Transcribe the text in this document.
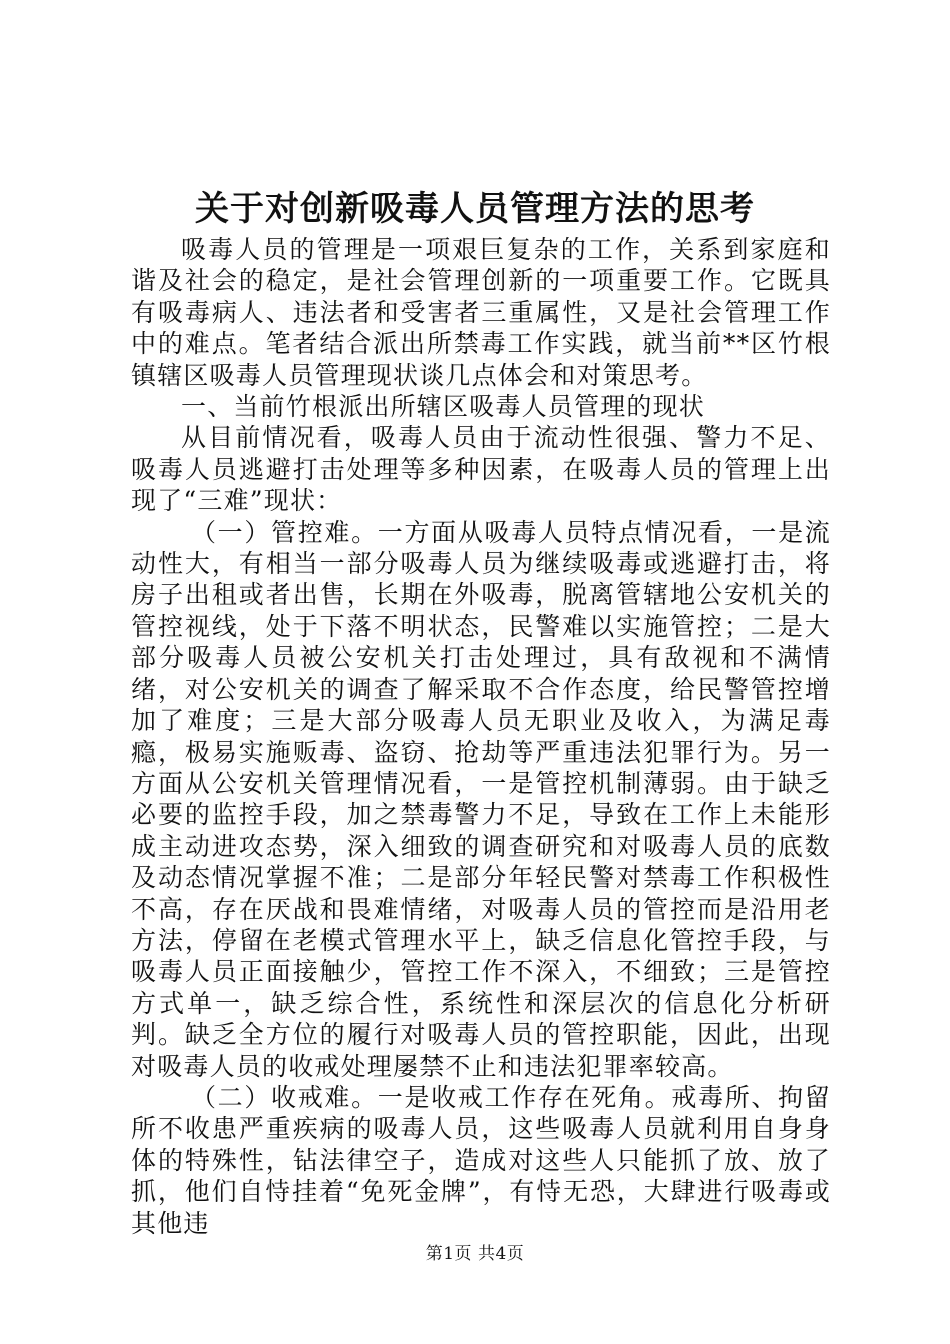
关于对创新吸毒人员管理方法的思考

吸毒人员的管理是一项艰巨复杂的工作，关系到家庭和谐及社会的稳定，是社会管理创新的一项重要工作。它既具有吸毒病人、违法者和受害者三重属性，又是社会管理工作中的难点。笔者结合派出所禁毒工作实践，就当前**区竹根镇辖区吸毒人员管理现状谈几点体会和对策思考。

一、当前竹根派出所辖区吸毒人员管理的现状

从目前情况看，吸毒人员由于流动性很强、警力不足、吸毒人员逃避打击处理等多种因素，在吸毒人员的管理上出现了“三难”现状：

（一）管控难。一方面从吸毒人员特点情况看，一是流动性大，有相当一部分吸毒人员为继续吸毒或逃避打击，将房子出租或者出售，长期在外吸毒，脱离管辖地公安机关的管控视线，处于下落不明状态，民警难以实施管控；二是大部分吸毒人员被公安机关打击处理过，具有敌视和不满情绪，对公安机关的调查了解采取不合作态度，给民警管控增加了难度；三是大部分吸毒人员无职业及收入，为满足毒瘾，极易实施贩毒、盗窃、抢劫等严重违法犯罪行为。另一方面从公安机关管理情况看，一是管控机制薄弱。由于缺乏必要的监控手段，加之禁毒警力不足，导致在工作上未能形成主动进攻态势，深入细致的调查研究和对吸毒人员的底数及动态情况掌握不准；二是部分年轻民警对禁毒工作积极性不高，存在厌战和畏难情绪，对吸毒人员的管控而是沿用老方法，停留在老模式管理水平上，缺乏信息化管控手段，与吸毒人员正面接触少，管控工作不深入，不细致；三是管控方式单一，缺乏综合性，系统性和深层次的信息化分析研判。缺乏全方位的履行对吸毒人员的管控职能，因此，出现对吸毒人员的收戒处理屡禁不止和违法犯罪率较高。

（二）收戒难。一是收戒工作存在死角。戒毒所、拘留所不收患严重疾病的吸毒人员，这些吸毒人员就利用自身身体的特殊性，钻法律空子，造成对这些人只能抓了放、放了抓，他们自恃挂着“免死金牌”，有恃无恐，大肆进行吸毒或其他违

第1页 共4页
